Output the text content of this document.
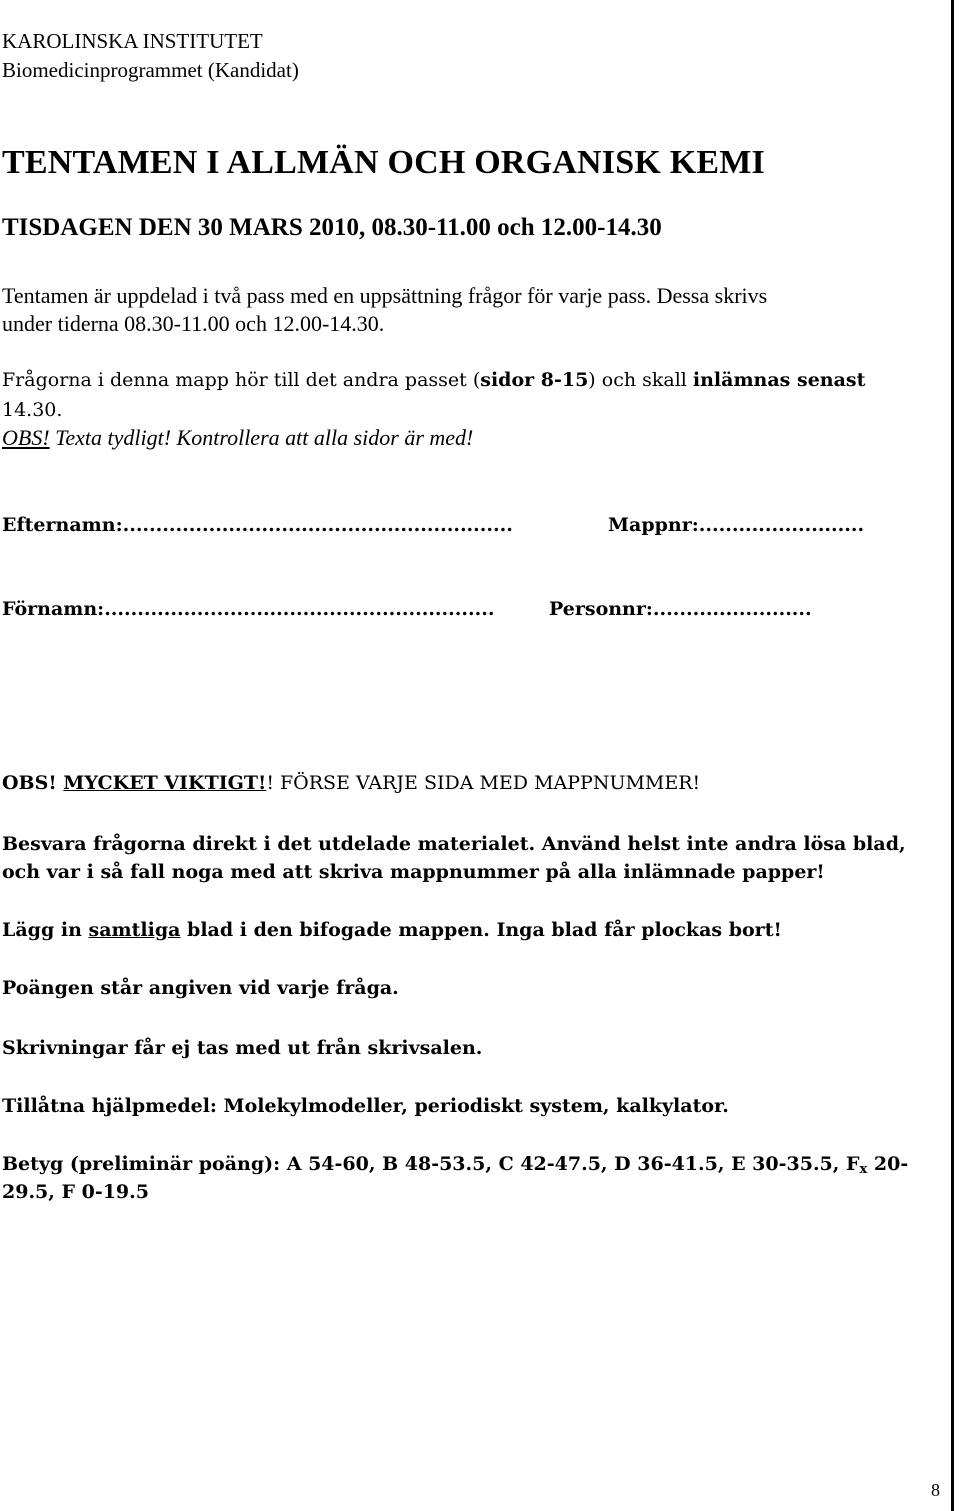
KAROLINSKA INSTITUTET
Biomedicinprogrammet (Kandidat)
TENTAMEN I ALLMÄN OCH ORGANISK KEMI
TISDAGEN DEN 30 MARS 2010, 08.30-11.00 och 12.00-14.30
Tentamen är uppdelad i två pass med en uppsättning frågor för varje pass. Dessa skrivs
under tiderna 08.30-11.00 och 12.00-14.30.
Frågorna i denna mapp hör till det andra passet (sidor 8-15) och skall inlämnas senast
14.30.
OBS! Texta tydligt! Kontrollera att alla sidor är med!
Efternamn:...........................................................	Mappnr:.........................
Förnamn:...........................................................	Personnr:........................
OBS! MYCKET VIKTIGT!! FÖRSE VARJE SIDA MED MAPPNUMMER!
Besvara frågorna direkt i det utdelade materialet. Använd helst inte andra lösa blad,
och var i så fall noga med att skriva mappnummer på alla inlämnade papper!
Lägg in samtliga blad i den bifogade mappen. Inga blad får plockas bort!
Poängen står angiven vid varje fråga.
Skrivningar får ej tas med ut från skrivsalen.
Tillåtna hjälpmedel: Molekylmodeller, periodiskt system, kalkylator.
Betyg (preliminär poäng): A 54-60, B 48-53.5, C 42-47.5, D 36-41.5, E 30-35.5, $F_x$ 20-
29.5, F 0-19.5
8
